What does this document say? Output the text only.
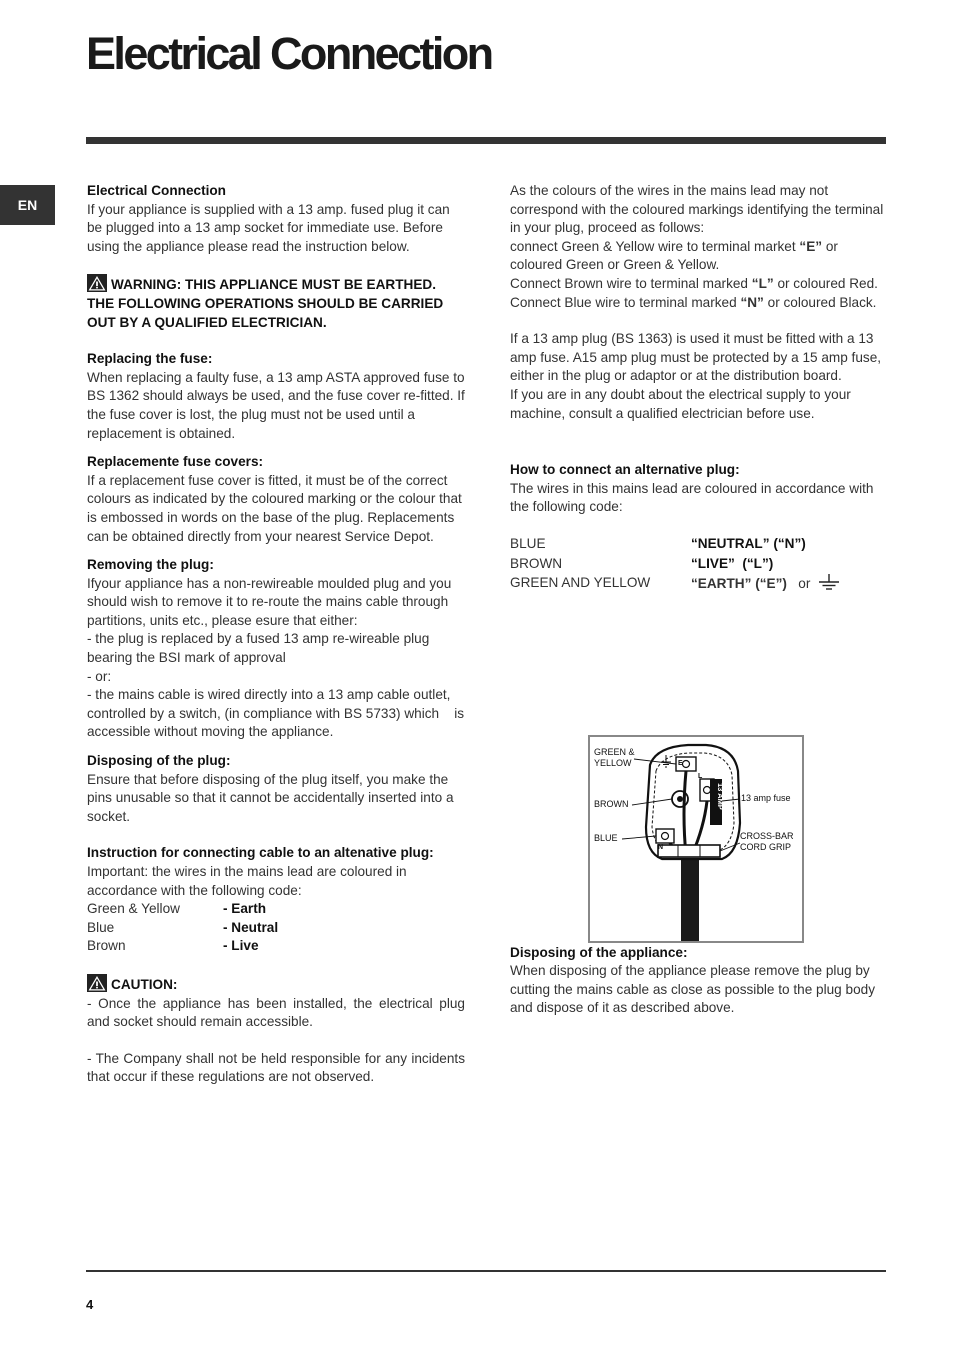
Electrical Connection
EN

Electrical Connection

If your appliance is supplied with a 13 amp. fused plug it can be plugged into a 13 amp socket for immediate use. Before using the appliance please read the instruction below.

WARNING: THIS APPLIANCE MUST BE EARTHED. THE FOLLOWING OPERATIONS SHOULD BE CARRIED OUT BY A QUALIFIED ELECTRICIAN.

Replacing the fuse:

When replacing a faulty fuse, a 13 amp ASTA approved fuse to BS 1362 should always be used, and the fuse cover re-fitted. If the fuse cover is lost, the plug must not be used until a replacement is obtained.

Replacemente fuse covers:

If a replacement fuse cover is fitted, it must be of the correct colours as indicated by the coloured marking or the colour that is embossed in words on the base of the plug. Replacements can be obtained directly from your nearest Service Depot.

Removing the plug:

Ifyour appliance has a non-rewireable moulded plug and you should wish to remove it to re-route the mains cable through partitions, units etc., please esure that either:

- the plug is replaced by a fused 13 amp re-wireable plug      bearing the BSI mark of approval

- or:

- the mains cable is wired directly into a 13 amp cable outlet,   controlled by a switch, (in compliance with BS 5733) which    is accessible without moving the appliance.

Disposing of the plug:

Ensure that before disposing of the plug itself, you make the pins unusable so that it cannot be accidentally inserted into a socket.

Instruction for connecting cable to an altenative plug:

Important: the wires in the mains lead are coloured in accordance with the following code:

Green & Yellow	- Earth
Blue	- Neutral
Brown	- Live

CAUTION:

- Once the appliance has been installed, the electrical plug and socket should remain accessible.

- The Company shall not be held responsible for any incidents that occur if these regulations are not observed.

As the colours of the wires in the mains lead may not correspond with the coloured markings identifying the terminal in your plug, proceed as follows:

connect Green & Yellow wire to terminal market “E” or coloured Green or Green & Yellow.

Connect Brown wire to terminal marked “L” or coloured Red.

Connect Blue wire to terminal marked “N” or coloured Black.

If a 13 amp plug (BS 1363) is used it must be fitted with a 13 amp fuse. A15 amp plug must be protected by a 15 amp fuse, either in the plug or adaptor or at the distribution board.

If you are in any doubt about the electrical supply to your machine, consult a qualified electrician before use.

How to connect an alternative plug:

The wires in this mains lead are coloured in accordance with the following code:

BLUE	“NEUTRAL” (“N”)
BROWN	“LIVE”  (“L”)
GREEN AND YELLOW	“EARTH” (“E”) or

Disposing of the appliance:

When disposing of the appliance please remove the plug by cutting the mains cable as close as possible to the plug body and dispose of it as described above.

13 AMP
E
L
N
GREEN &
YELLOW
BROWN
BLUE
13 amp fuse
CROSS-BAR
CORD GRIP
4
